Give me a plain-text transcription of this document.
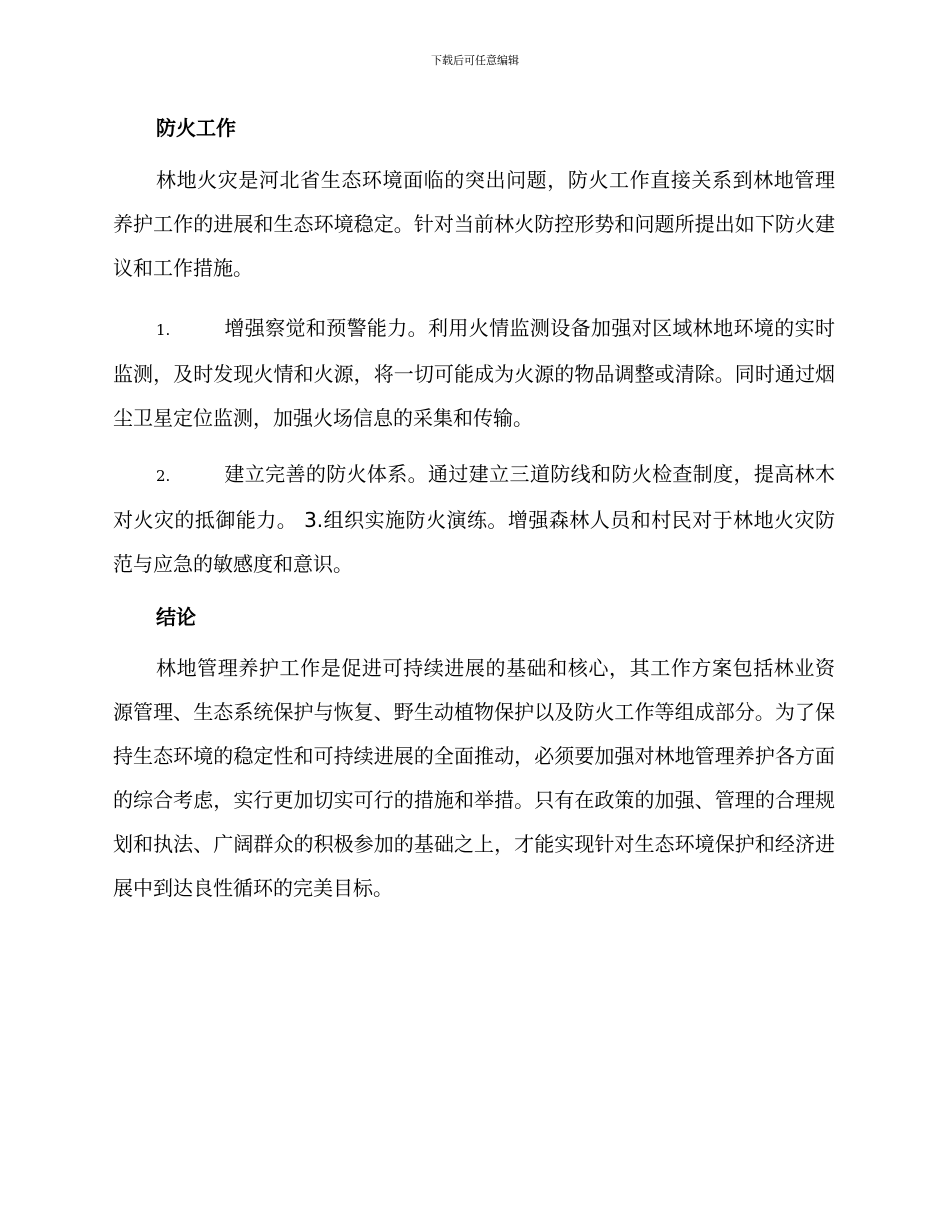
下载后可任意编辑
防火工作

林地火灾是河北省生态环境面临的突出问题，防火工作直接关系到林地管理养护工作的进展和生态环境稳定。针对当前林火防控形势和问题所提出如下防火建议和工作措施。

1.	增强察觉和预警能力。利用火情监测设备加强对区域林地环境的实时监测，及时发现火情和火源，将一切可能成为火源的物品调整或清除。同时通过烟尘卫星定位监测，加强火场信息的采集和传输。

2.	建立完善的防火体系。通过建立三道防线和防火检查制度，提高林木对火灾的抵御能力。 3.组织实施防火演练。增强森林人员和村民对于林地火灾防范与应急的敏感度和意识。

结论

林地管理养护工作是促进可持续进展的基础和核心，其工作方案包括林业资源管理、生态系统保护与恢复、野生动植物保护以及防火工作等组成部分。为了保持生态环境的稳定性和可持续进展的全面推动，必须要加强对林地管理养护各方面的综合考虑，实行更加切实可行的措施和举措。只有在政策的加强、管理的合理规划和执法、广阔群众的积极参加的基础之上，才能实现针对生态环境保护和经济进展中到达良性循环的完美目标。
